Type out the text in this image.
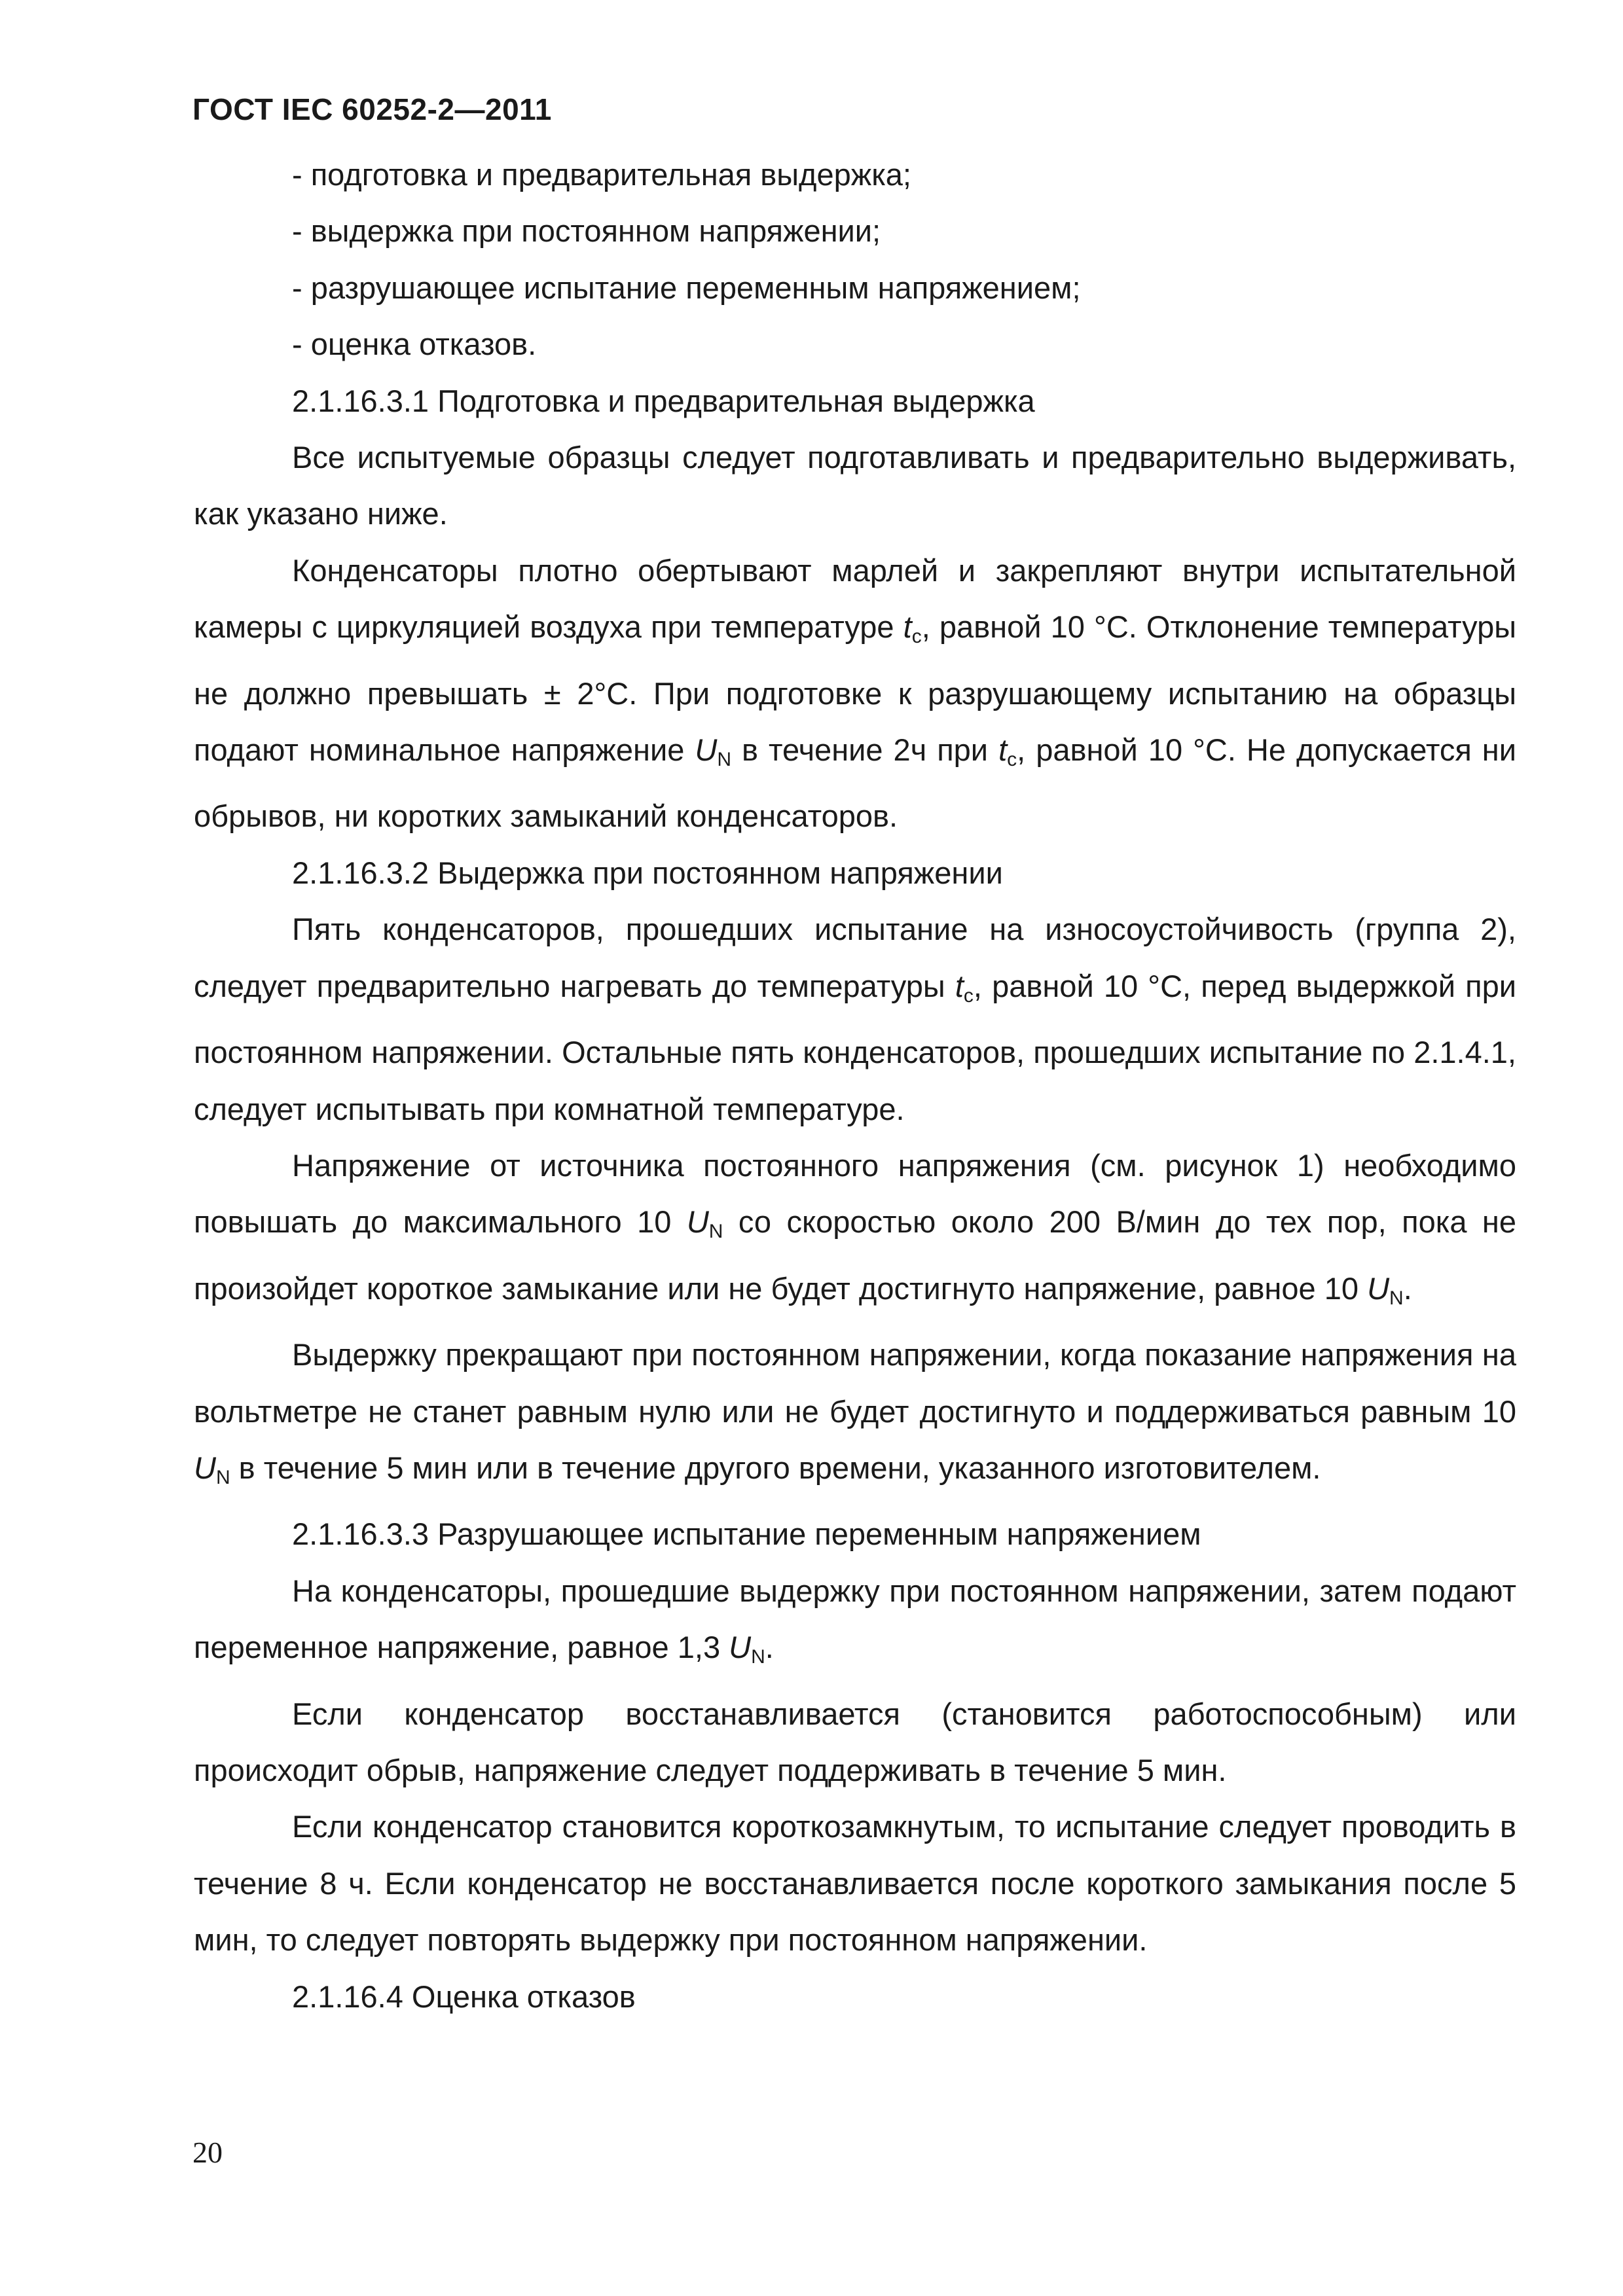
ГОСТ IEC 60252-2—2011

- подготовка и предварительная выдержка;

- выдержка при постоянном напряжении;

- разрушающее испытание переменным напряжением;

- оценка отказов.

2.1.16.3.1 Подготовка и предварительная выдержка

Все испытуемые образцы следует подготавливать и предварительно выдерживать, как указано ниже.

Конденсаторы плотно обертывают марлей и закрепляют внутри испытательной камеры с циркуляцией воздуха при температуре $t_с$, равной 10 °С. Отклонение температуры не должно превышать ± 2°С. При подготовке к разрушающему испытанию на образцы подают номинальное напряжение $U_N$ в течение 2ч при $t_с$, равной 10 °С. Не допускается ни обрывов, ни коротких замыканий конденсаторов.

2.1.16.3.2 Выдержка при постоянном напряжении

Пять конденсаторов, прошедших испытание на износоустойчивость (группа 2), следует предварительно нагревать до температуры $t_с$, равной 10 °С, перед выдержкой при постоянном напряжении. Остальные пять конденсаторов, прошедших испытание по 2.1.4.1, следует испытывать при комнатной температуре.

Напряжение от источника постоянного напряжения (см. рисунок 1) необходимо повышать до максимального 10 $U_N$ со скоростью около 200 В/мин до тех пор, пока не произойдет короткое замыкание или не будет достигнуто напряжение, равное 10 $U_N$.

Выдержку прекращают при постоянном напряжении, когда показание напряжения на вольтметре не станет равным нулю или не будет достигнуто и поддерживаться равным 10 $U_N$ в течение 5 мин или в течение другого времени, указанного изготовителем.

2.1.16.3.3 Разрушающее испытание переменным напряжением

На конденсаторы, прошедшие выдержку при постоянном напряжении, затем подают переменное напряжение, равное 1,3 $U_N$.

Если конденсатор восстанавливается (становится работоспособным) или происходит обрыв, напряжение следует поддерживать в течение 5 мин.

Если конденсатор становится короткозамкнутым, то испытание следует проводить в течение 8 ч. Если конденсатор не восстанавливается после короткого замыкания после 5 мин, то следует повторять выдержку при постоянном напряжении.

2.1.16.4 Оценка отказов

20
